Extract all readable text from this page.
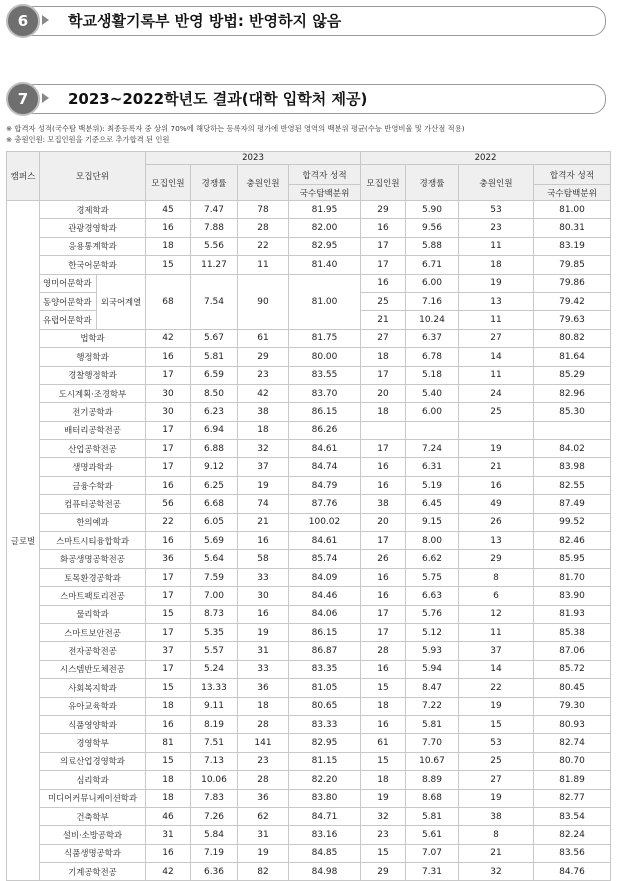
6	학교생활기록부 반영 방법: 반영하지 않음
7	2023~2022학년도 결과(대학 입학처 제공)
※ 합격자 성적(국수탐 백분위): 최종등록자 중 상위 70%에 해당하는 등록자의 평가에 반영된 영역의 백분위 평균(수능 반영비율 및 가산점 적용)
※ 충원인원: 모집인원을 기준으로 추가합격 된 인원
캠퍼스	모집단위		2023				2022			
			모집인원	경쟁률	충원인원	합격자 성적	모집인원	경쟁률	충원인원	합격자 성적
						국수탐백분위				국수탐백분위
글로벌	경제학과		45	7.47	78	81.95	29	5.90	53	81.00
	관광경영학과		16	7.88	28	82.00	16	9.56	23	80.31
	응용통계학과		18	5.56	22	82.95	17	5.88	11	83.19
	한국어문학과		15	11.27	11	81.40	17	6.71	18	79.85
	영미어문학과	외국어계열	68	7.54	90	81.00	16	6.00	19	79.86
	동양어문학과						25	7.16	13	79.42
	유럽어문학과						21	10.24	11	79.63
	법학과		42	5.67	61	81.75	27	6.37	27	80.82
	행정학과		16	5.81	29	80.00	18	6.78	14	81.64
	경찰행정학과		17	6.59	23	83.55	17	5.18	11	85.29
	도시계획·조경학부		30	8.50	42	83.70	20	5.40	24	82.96
	전기공학과		30	6.23	38	86.15	18	6.00	25	85.30
	배터리공학전공		17	6.94	18	86.26				
	산업공학전공		17	6.88	32	84.61	17	7.24	19	84.02
	생명과학과		17	9.12	37	84.74	16	6.31	21	83.98
	금융수학과		16	6.25	19	84.79	16	5.19	16	82.55
	컴퓨터공학전공		56	6.68	74	87.76	38	6.45	49	87.49
	한의예과		22	6.05	21	100.02	20	9.15	26	99.52
	스마트시티융합학과		16	5.69	16	84.61	17	8.00	13	82.46
	화공생명공학전공		36	5.64	58	85.74	26	6.62	29	85.95
	토목환경공학과		17	7.59	33	84.09	16	5.75	8	81.70
	스마트팩토리전공		17	7.00	30	84.46	16	6.63	6	83.90
	물리학과		15	8.73	16	84.06	17	5.76	12	81.93
	스마트보안전공		17	5.35	19	86.15	17	5.12	11	85.38
	전자공학전공		37	5.57	31	86.87	28	5.93	37	87.06
	시스템반도체전공		17	5.24	33	83.35	16	5.94	14	85.72
	사회복지학과		15	13.33	36	81.05	15	8.47	22	80.45
	유아교육학과		18	9.11	18	80.65	18	7.22	19	79.30
	식품영양학과		16	8.19	28	83.33	16	5.81	15	80.93
	경영학부		81	7.51	141	82.95	61	7.70	53	82.74
	의료산업경영학과		15	7.13	23	81.15	15	10.67	25	80.70
	심리학과		18	10.06	28	82.20	18	8.89	27	81.89
	미디어커뮤니케이션학과		18	7.83	36	83.80	19	8.68	19	82.77
	건축학부		46	7.26	62	84.71	32	5.81	38	83.54
	설비·소방공학과		31	5.84	31	83.16	23	5.61	8	82.24
	식품생명공학과		16	7.19	19	84.85	15	7.07	21	83.56
	기계공학전공		42	6.36	82	84.98	29	7.31	32	84.76
